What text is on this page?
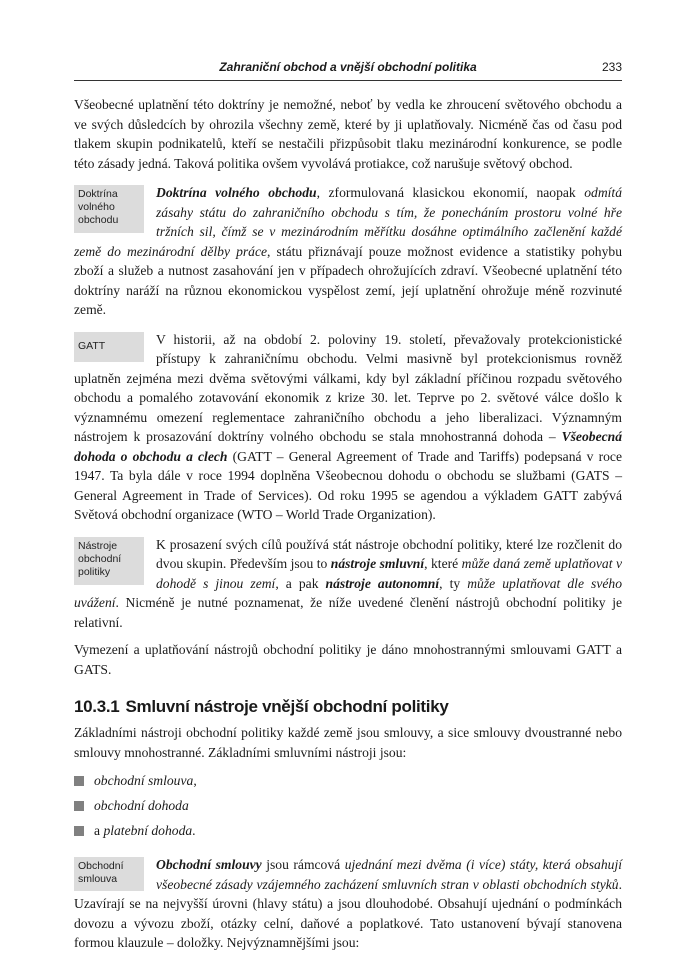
Zahraniční obchod a vnější obchodní politika	233

Všeobecné uplatnění této doktríny je nemožné, neboť by vedla ke zhroucení světového obchodu a ve svých důsledcích by ohrozila všechny země, které by ji uplatňovaly. Nicméně čas od času pod tlakem skupin podnikatelů, kteří se nestačili přizpůsobit tlaku mezinárodní konkurence, se podle této zásady jedná. Taková politika ovšem vyvolává protiakce, což narušuje světový obchod.

Doktrína volného obchodu

Doktrína volného obchodu, zformulovaná klasickou ekonomií, naopak odmítá zásahy státu do zahraničního obchodu s tím, že ponecháním prostoru volné hře tržních sil, čímž se v mezinárodním měřítku dosáhne optimálního začlenění každé země do mezinárodní dělby práce, státu přiznávají pouze možnost evidence a statistiky pohybu zboží a služeb a nutnost zasahování jen v případech ohrožujících zdraví. Všeobecné uplatnění této doktríny naráží na různou ekonomickou vyspělost zemí, její uplatnění ohrožuje méně rozvinuté země.

GATT	V historii, až na období 2. poloviny 19. století, převažovaly protekcionistické přístupy k zahraničnímu obchodu. Velmi masivně byl protekcionismus rovněž uplatněn zejména mezi dvěma světovými válkami, kdy byl základní příčinou rozpadu světového obchodu a pomalého zotavování ekonomik z krize 30. let. Teprve po 2. světové válce došlo k významnému omezení reglementace zahraničního obchodu a jeho liberalizaci. Významným nástrojem k prosazování doktríny volného obchodu se stala mnohostranná dohoda – Všeobecná dohoda o obchodu a clech (GATT – General Agreement of Trade and Tariffs) podepsaná v roce 1947. Ta byla dále v roce 1994 doplněna Všeobecnou dohodu o obchodu se službami (GATS – General Agreement in Trade of Services). Od roku 1995 se agendou a výkladem GATT zabývá Světová obchodní organizace (WTO – World Trade Organization).

Nástroje obchodní politiky

K prosazení svých cílů používá stát nástroje obchodní politiky, které lze rozčlenit do dvou skupin. Především jsou to nástroje smluvní, které může daná země uplatňovat v dohodě s jinou zemí, a pak nástroje autonomní, ty může uplatňovat dle svého uvážení. Nicméně je nutné poznamenat, že níže uvedené členění nástrojů obchodní politiky je relativní.

Vymezení a uplatňování nástrojů obchodní politiky je dáno mnohostrannými smlouvami GATT a GATS.

10.3.1 Smluvní nástroje vnější obchodní politiky

Základními nástroji obchodní politiky každé země jsou smlouvy, a sice smlouvy dvoustranné nebo smlouvy mnohostranné. Základními smluvními nástroji jsou:

obchodní smlouva,
obchodní dohoda
a platební dohoda.
Obchodní smlouva

Obchodní smlouvy jsou rámcová ujednání mezi dvěma (i více) státy, která obsahují všeobecné zásady vzájemného zacházení smluvních stran v oblasti obchodních styků. Uzavírají se na nejvyšší úrovni (hlavy státu) a jsou dlouhodobé. Obsahují ujednání o podmínkách dovozu a vývozu zboží, otázky celní, daňové a poplatkové. Tato ustanovení bývají stanovena formou klauzule – doložky. Nejvýznamnějšími jsou:
